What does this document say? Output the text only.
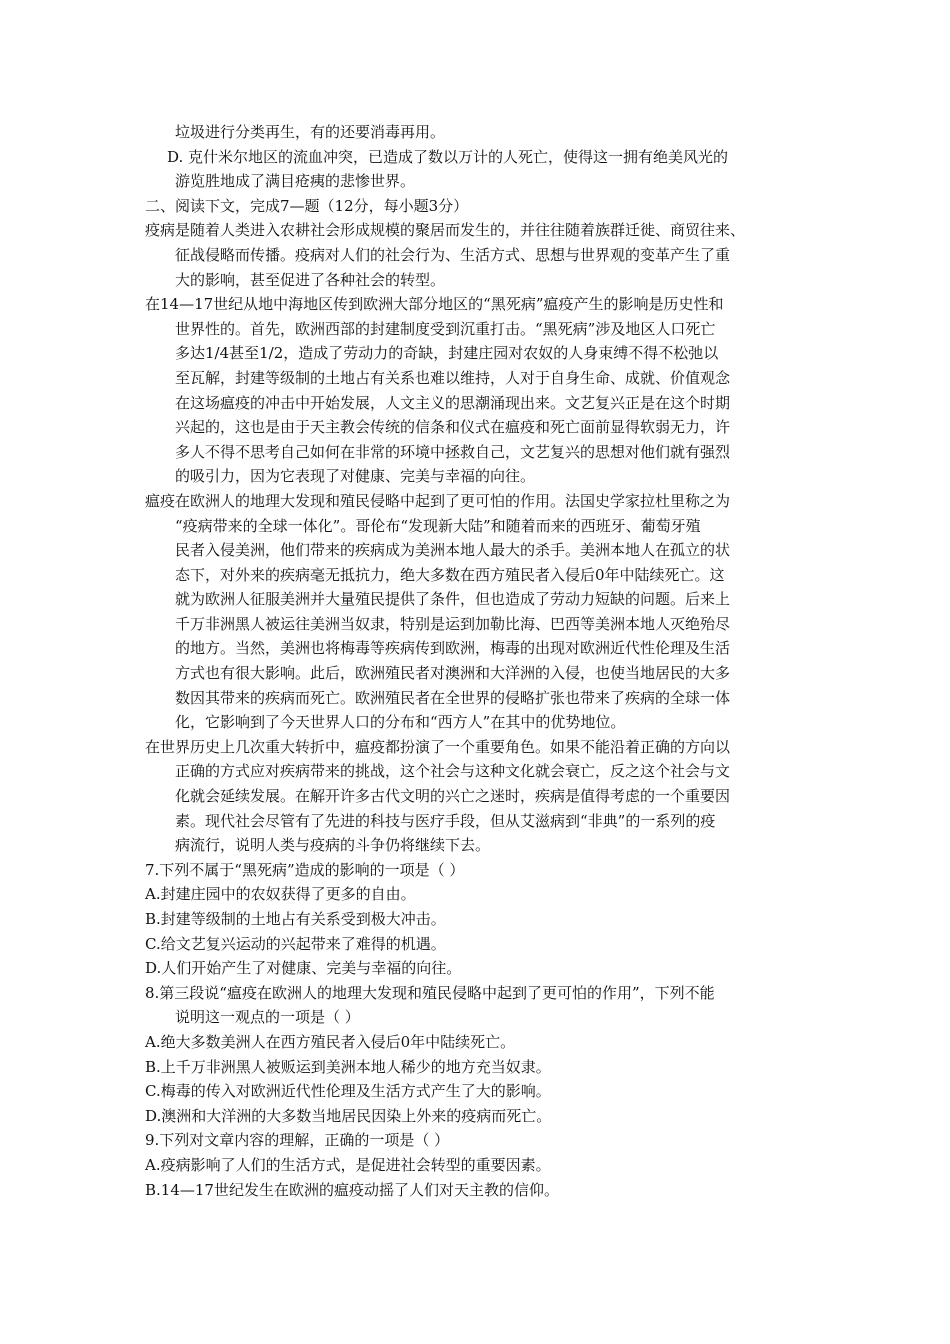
垃圾进行分类再生，有的还要消毒再用。

D. 克什米尔地区的流血冲突，已造成了数以万计的人死亡，使得这一拥有绝美风光的
游览胜地成了满目疮痍的悲惨世界。

二、阅读下文，完成7—题（12分，每小题3分）

疫病是随着人类进入农耕社会形成规模的聚居而发生的，并往往随着族群迁徙、商贸往来、
征战侵略而传播。疫病对人们的社会行为、生活方式、思想与世界观的变革产生了重
大的影响，甚至促进了各种社会的转型。

在14—17世纪从地中海地区传到欧洲大部分地区的“黑死病”瘟疫产生的影响是历史性和
世界性的。首先，欧洲西部的封建制度受到沉重打击。“黑死病”涉及地区人口死亡
多达1/4甚至1/2，造成了劳动力的奇缺，封建庄园对农奴的人身束缚不得不松弛以
至瓦解，封建等级制的土地占有关系也难以维持，人对于自身生命、成就、价值观念
在这场瘟疫的冲击中开始发展，人文主义的思潮涌现出来。文艺复兴正是在这个时期
兴起的，这也是由于天主教会传统的信条和仪式在瘟疫和死亡面前显得软弱无力，许
多人不得不思考自己如何在非常的环境中拯救自己，文艺复兴的思想对他们就有强烈
的吸引力，因为它表现了对健康、完美与幸福的向往。

瘟疫在欧洲人的地理大发现和殖民侵略中起到了更可怕的作用。法国史学家拉杜里称之为
“疫病带来的全球一体化”。哥伦布“发现新大陆”和随着而来的西班牙、葡萄牙殖
民者入侵美洲，他们带来的疾病成为美洲本地人最大的杀手。美洲本地人在孤立的状
态下，对外来的疾病毫无抵抗力，绝大多数在西方殖民者入侵后0年中陆续死亡。这
就为欧洲人征服美洲并大量殖民提供了条件，但也造成了劳动力短缺的问题。后来上
千万非洲黑人被运往美洲当奴隶，特别是运到加勒比海、巴西等美洲本地人灭绝殆尽
的地方。当然，美洲也将梅毒等疾病传到欧洲，梅毒的出现对欧洲近代性伦理及生活
方式也有很大影响。此后，欧洲殖民者对澳洲和大洋洲的入侵，也使当地居民的大多
数因其带来的疾病而死亡。欧洲殖民者在全世界的侵略扩张也带来了疾病的全球一体
化，它影响到了今天世界人口的分布和“西方人”在其中的优势地位。

在世界历史上几次重大转折中，瘟疫都扮演了一个重要角色。如果不能沿着正确的方向以
正确的方式应对疾病带来的挑战，这个社会与这种文化就会衰亡，反之这个社会与文
化就会延续发展。在解开许多古代文明的兴亡之迷时，疾病是值得考虑的一个重要因
素。现代社会尽管有了先进的科技与医疗手段，但从艾滋病到“非典”的一系列的疫
病流行，说明人类与疫病的斗争仍将继续下去。

7.下列不属于“黑死病”造成的影响的一项是（ ）

A.封建庄园中的农奴获得了更多的自由。

B.封建等级制的土地占有关系受到极大冲击。

C.给文艺复兴运动的兴起带来了难得的机遇。

D.人们开始产生了对健康、完美与幸福的向往。

8.第三段说“瘟疫在欧洲人的地理大发现和殖民侵略中起到了更可怕的作用”，下列不能
说明这一观点的一项是（ ）

A.绝大多数美洲人在西方殖民者入侵后0年中陆续死亡。

B.上千万非洲黑人被贩运到美洲本地人稀少的地方充当奴隶。

C.梅毒的传入对欧洲近代性伦理及生活方式产生了大的影响。

D.澳洲和大洋洲的大多数当地居民因染上外来的疫病而死亡。

9.下列对文章内容的理解，正确的一项是（ ）

A.疫病影响了人们的生活方式，是促进社会转型的重要因素。

B.14—17世纪发生在欧洲的瘟疫动摇了人们对天主教的信仰。
